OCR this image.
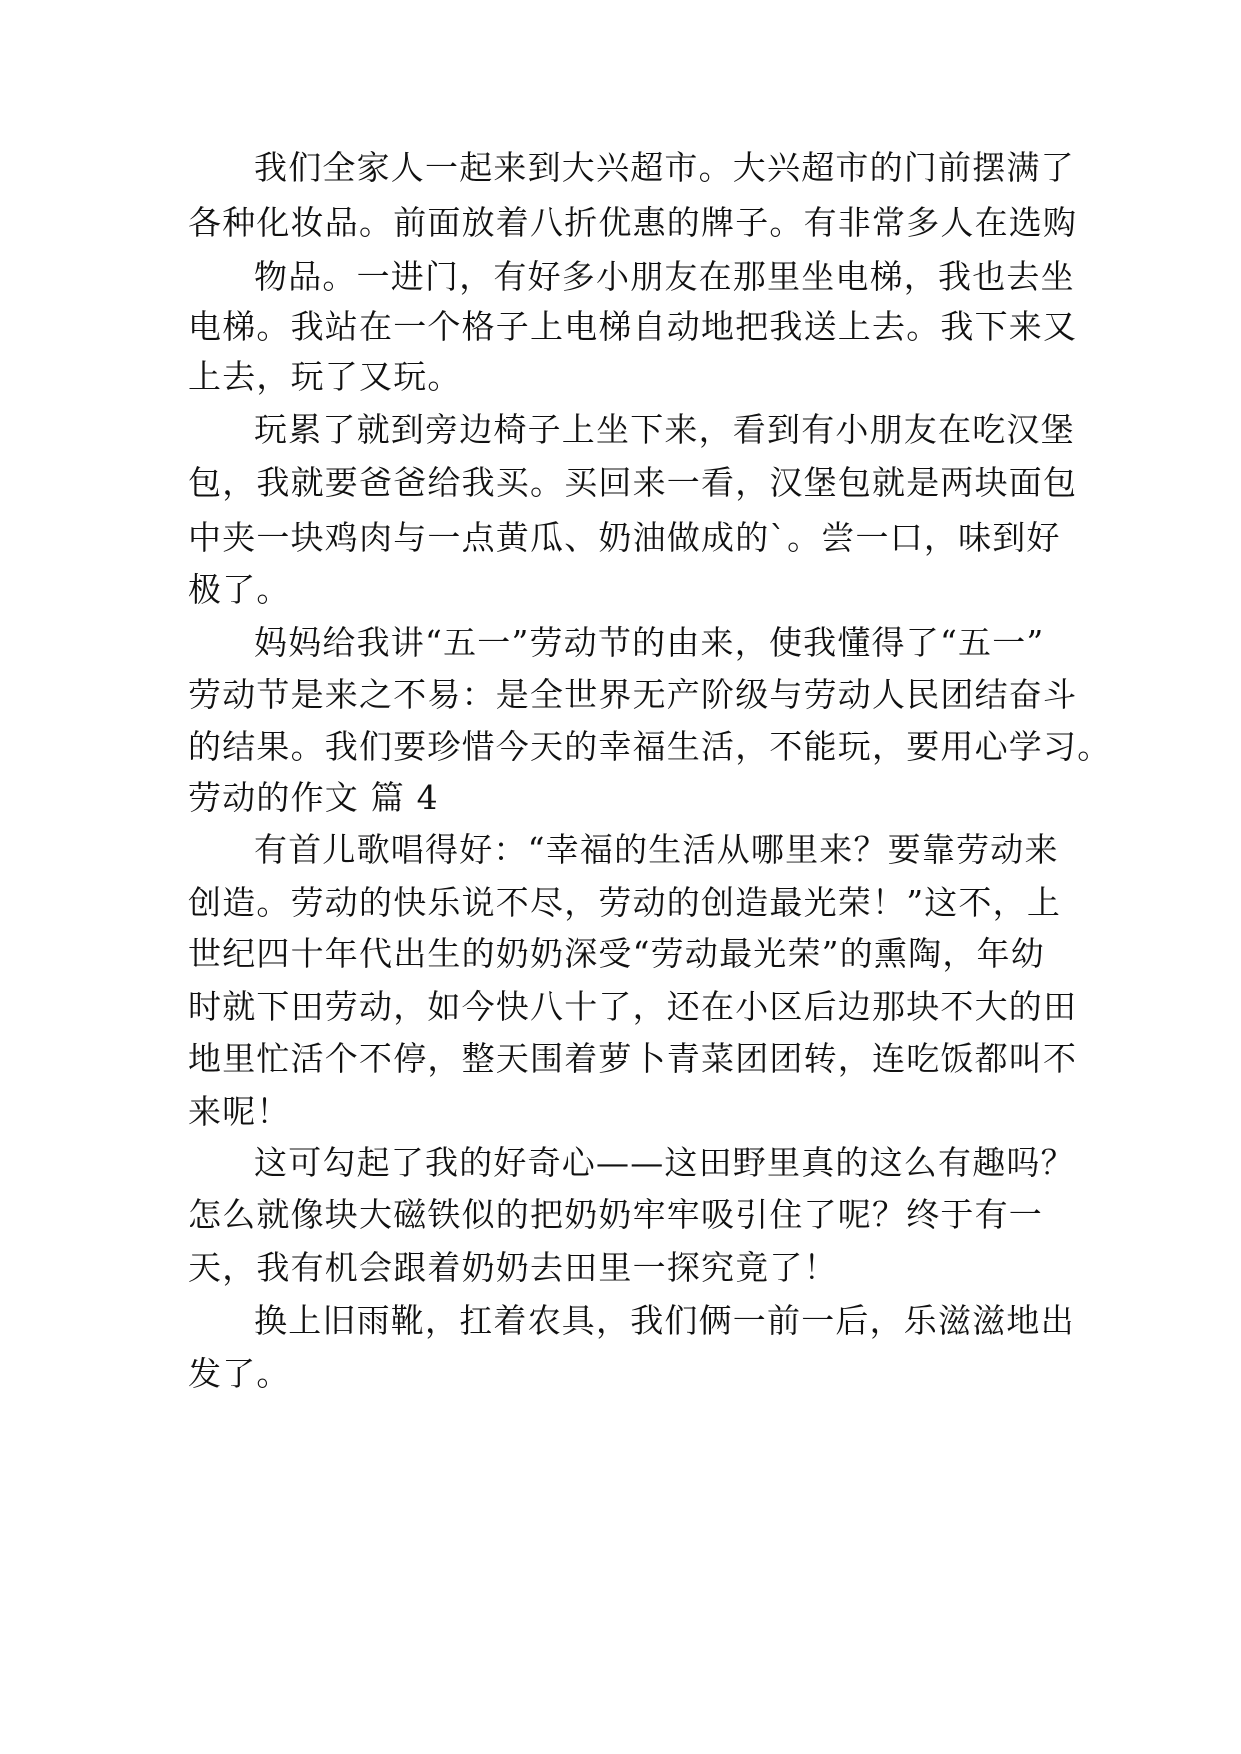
我们全家人一起来到大兴超市。大兴超市的门前摆满了
各种化妆品。前面放着八折优惠的牌子。有非常多人在选购
物品。一进门，有好多小朋友在那里坐电梯，我也去坐
电梯。我站在一个格子上电梯自动地把我送上去。我下来又
上去，玩了又玩。
玩累了就到旁边椅子上坐下来，看到有小朋友在吃汉堡
包，我就要爸爸给我买。买回来一看，汉堡包就是两块面包
中夹一块鸡肉与一点黄瓜、奶油做成的`。尝一口，味到好
极了。
妈妈给我讲“五一”劳动节的由来，使我懂得了“五一”
劳动节是来之不易：是全世界无产阶级与劳动人民团结奋斗
的结果。我们要珍惜今天的幸福生活，不能玩，要用心学习。
劳动的作文 篇 4
有首儿歌唱得好：“幸福的生活从哪里来？要靠劳动来
创造。劳动的快乐说不尽，劳动的创造最光荣！”这不，上
世纪四十年代出生的奶奶深受“劳动最光荣”的熏陶，年幼
时就下田劳动，如今快八十了，还在小区后边那块不大的田
地里忙活个不停，整天围着萝卜青菜团团转，连吃饭都叫不
来呢！
这可勾起了我的好奇心——这田野里真的这么有趣吗？
怎么就像块大磁铁似的把奶奶牢牢吸引住了呢？终于有一
天，我有机会跟着奶奶去田里一探究竟了！
换上旧雨靴，扛着农具，我们俩一前一后，乐滋滋地出
发了。
